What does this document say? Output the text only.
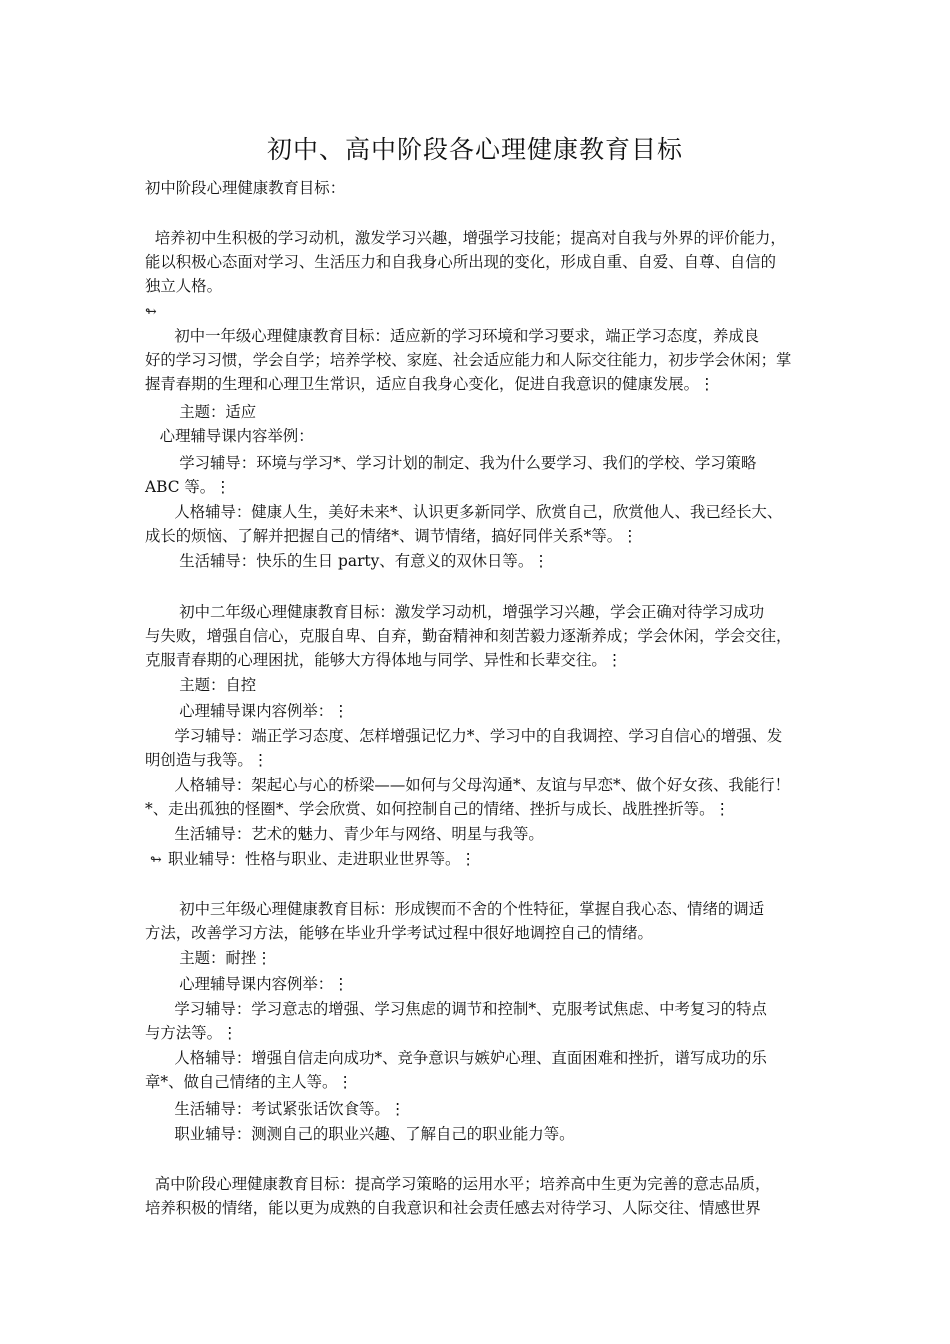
初中、高中阶段各心理健康教育目标
初中阶段心理健康教育目标：
培养初中生积极的学习动机，激发学习兴趣，增强学习技能；提高对自我与外界的评价能力，
能以积极心态面对学习、生活压力和自我身心所出现的变化，形成自重、自爱、自尊、自信的
独立人格。
↬
初中一年级心理健康教育目标：适应新的学习环境和学习要求，端正学习态度，养成良
好的学习习惯，学会自学；培养学校、家庭、社会适应能力和人际交往能力，初步学会休闲；掌
握青春期的生理和心理卫生常识，适应自我身心变化，促进自我意识的健康发展。⋮
主题：适应
心理辅导课内容举例：
学习辅导：环境与学习*、学习计划的制定、我为什么要学习、我们的学校、学习策略
ABC 等。⋮
人格辅导：健康人生，美好未来*、认识更多新同学、欣赏自己，欣赏他人、我已经长大、
成长的烦恼、了解并把握自己的情绪*、调节情绪，搞好同伴关系*等。⋮
生活辅导：快乐的生日 party、有意义的双休日等。⋮
初中二年级心理健康教育目标：激发学习动机，增强学习兴趣，学会正确对待学习成功
与失败，增强自信心，克服自卑、自弃，勤奋精神和刻苦毅力逐渐养成；学会休闲，学会交往，
克服青春期的心理困扰，能够大方得体地与同学、异性和长辈交往。⋮
主题：自控
心理辅导课内容例举：⋮
学习辅导：端正学习态度、怎样增强记忆力*、学习中的自我调控、学习自信心的增强、发
明创造与我等。⋮
人格辅导：架起心与心的桥梁——如何与父母沟通*、友谊与早恋*、做个好女孩、我能行！
*、走出孤独的怪圈*、学会欣赏、如何控制自己的情绪、挫折与成长、战胜挫折等。⋮
生活辅导：艺术的魅力、青少年与网络、明星与我等。
↬ 职业辅导：性格与职业、走进职业世界等。⋮
初中三年级心理健康教育目标：形成锲而不舍的个性特征，掌握自我心态、情绪的调适
方法，改善学习方法，能够在毕业升学考试过程中很好地调控自己的情绪。
主题：耐挫⋮
心理辅导课内容例举：⋮
学习辅导：学习意志的增强、学习焦虑的调节和控制*、克服考试焦虑、中考复习的特点
与方法等。⋮
人格辅导：增强自信走向成功*、竞争意识与嫉妒心理、直面困难和挫折，谱写成功的乐
章*、做自己情绪的主人等。⋮
生活辅导：考试紧张话饮食等。⋮
职业辅导：测测自己的职业兴趣、了解自己的职业能力等。
高中阶段心理健康教育目标：提高学习策略的运用水平；培养高中生更为完善的意志品质，
培养积极的情绪，能以更为成熟的自我意识和社会责任感去对待学习、人际交往、情感世界
